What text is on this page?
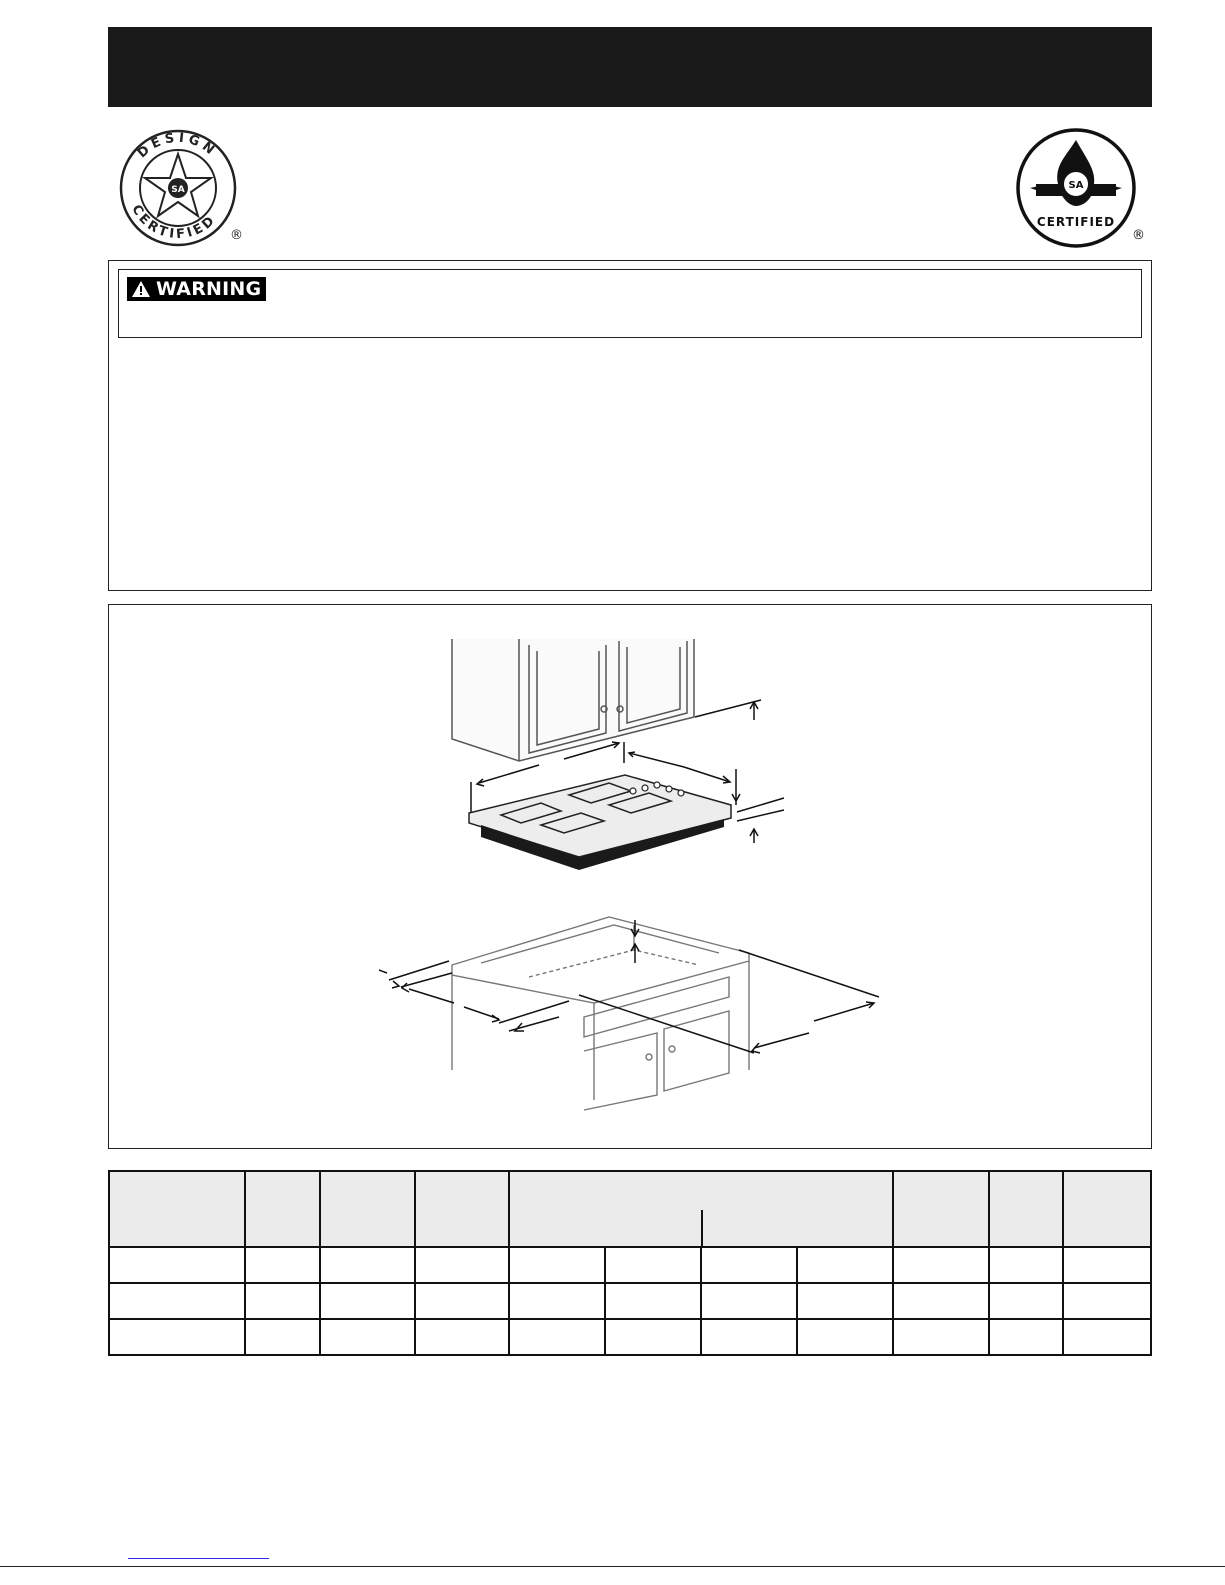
DESIGN
CERTIFIED
SA
®
SA
CERTIFIED
®
WARNING
